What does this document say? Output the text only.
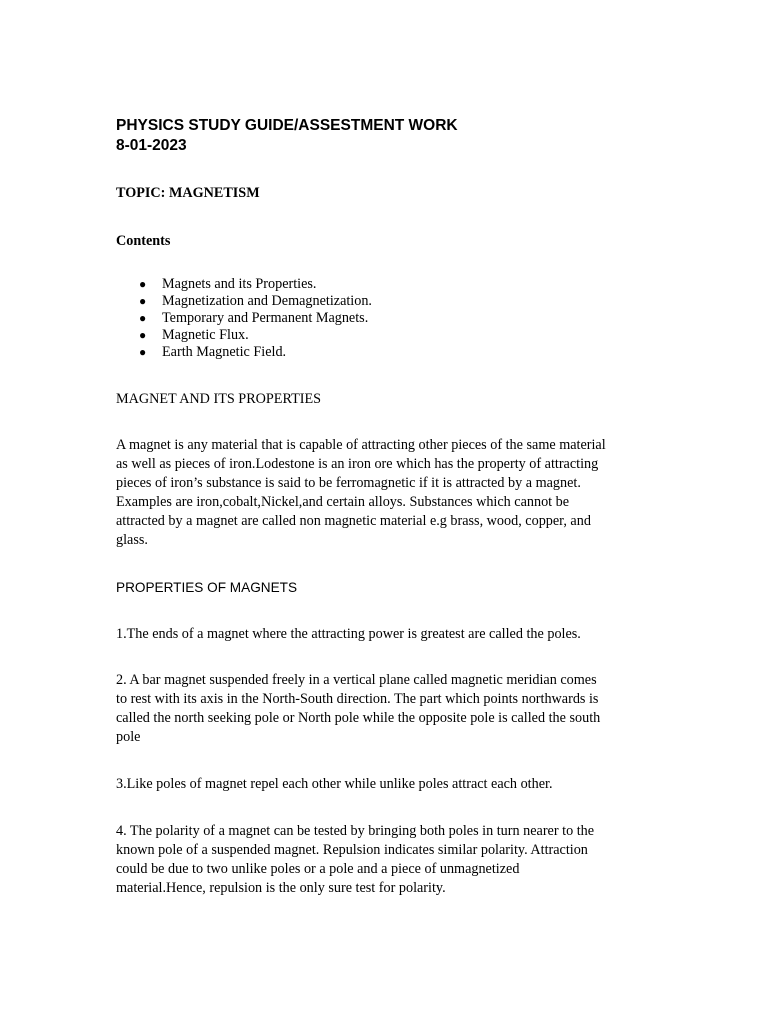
PHYSICS STUDY GUIDE/ASSESTMENT WORK
8-01-2023

TOPIC: MAGNETISM

Contents

● Magnets and its Properties.
● Magnetization and Demagnetization.
● Temporary and Permanent Magnets.
● Magnetic Flux.
● Earth Magnetic Field.

MAGNET AND ITS PROPERTIES

A magnet is any material that is capable of attracting other pieces of the same material
as well as pieces of iron.Lodestone is an iron ore which has the property of attracting
pieces of iron’s substance is said to be ferromagnetic if it is attracted by a magnet.
Examples are iron,cobalt,Nickel,and certain alloys. Substances which cannot be
attracted by a magnet are called non magnetic material e.g brass, wood, copper, and
glass.

PROPERTIES OF MAGNETS

1.The ends of a magnet where the attracting power is greatest are called the poles.
2. A bar magnet suspended freely in a vertical plane called magnetic meridian comes
to rest with its axis in the North-South direction. The part which points northwards is
called the north seeking pole or North pole while the opposite pole is called the south
pole
3.Like poles of magnet repel each other while unlike poles attract each other.
4. The polarity of a magnet can be tested by bringing both poles in turn nearer to the
known pole of a suspended magnet. Repulsion indicates similar polarity. Attraction
could be due to two unlike poles or a pole and a piece of unmagnetized
material.Hence, repulsion is the only sure test for polarity.
